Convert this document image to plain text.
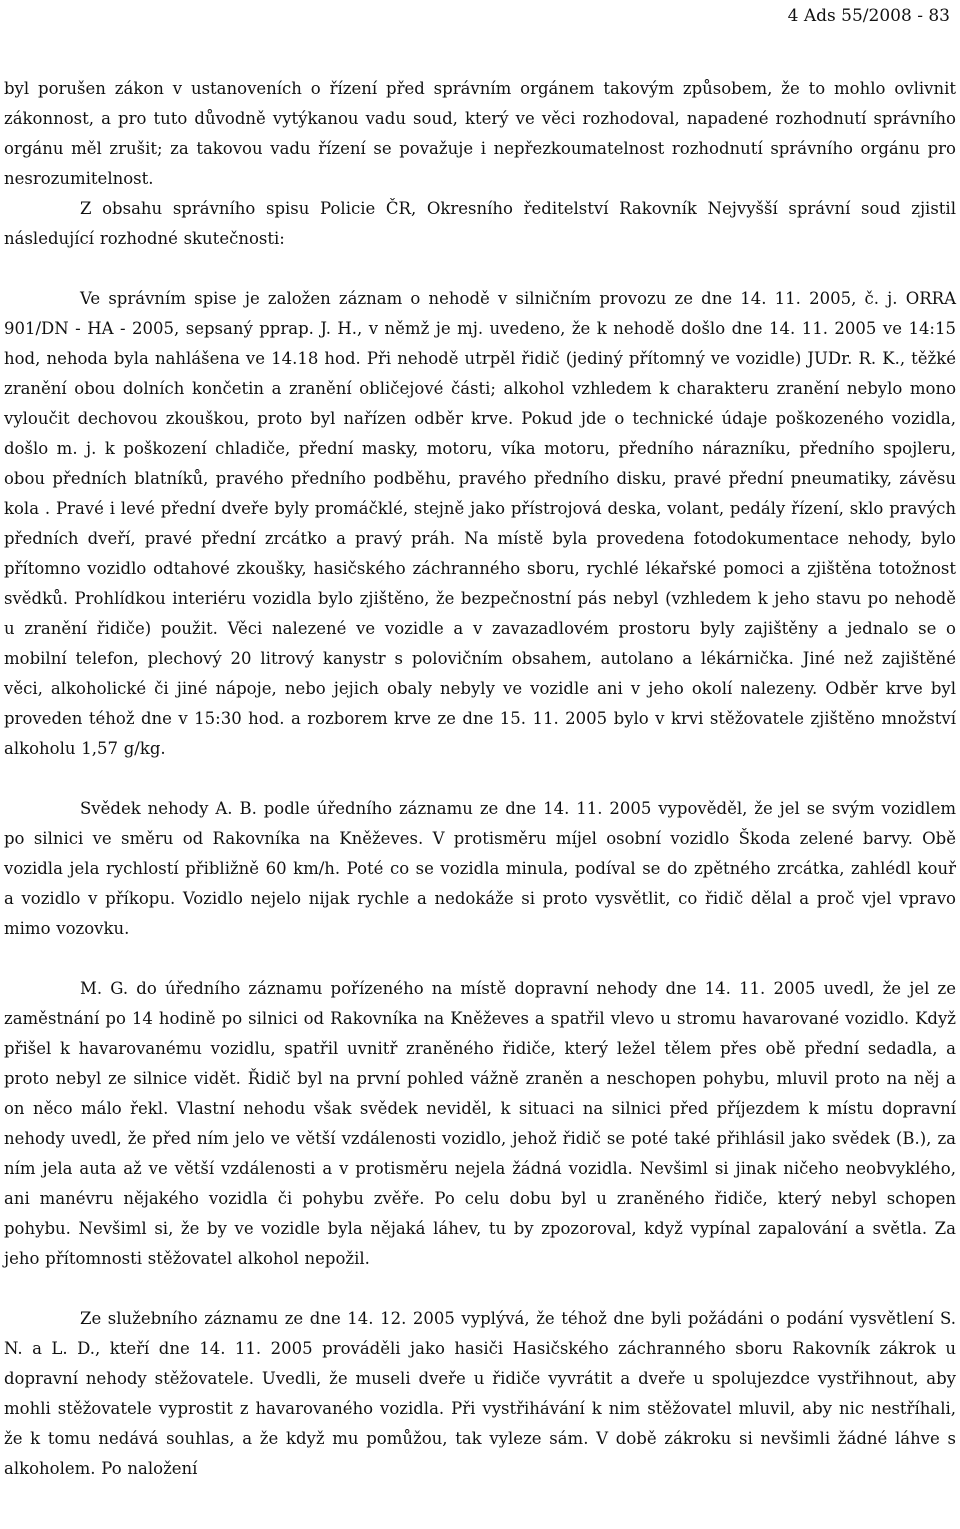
4 Ads 55/2008 - 83

byl porušen zákon v ustanoveních o řízení před správním orgánem takovým způsobem, že to mohlo ovlivnit zákonnost, a pro tuto důvodně vytýkanou vadu soud, který ve věci rozhodoval, napadené rozhodnutí správního orgánu měl zrušit; za takovou vadu řízení se považuje i nepřezkoumatelnost rozhodnutí správního orgánu pro nesrozumitelnost.

Z obsahu správního spisu Policie ČR, Okresního ředitelství Rakovník Nejvyšší správní soud zjistil následující rozhodné skutečnosti:

Ve správním spise je založen záznam o nehodě v silničním provozu ze dne 14. 11. 2005, č. j. ORRA 901/DN - HA - 2005, sepsaný pprap. J. H., v němž je mj. uvedeno, že k nehodě došlo dne 14. 11. 2005 ve 14:15 hod, nehoda byla nahlášena ve 14.18 hod. Při nehodě utrpěl řidič (jediný přítomný ve vozidle) JUDr. R. K., těžké zranění obou dolních končetin a zranění obličejové části; alkohol vzhledem k charakteru zranění nebylo mono vyloučit dechovou zkouškou, proto byl nařízen odběr krve. Pokud jde o technické údaje poškozeného vozidla, došlo m. j. k poškození chladiče, přední masky, motoru, víka motoru, předního nárazníku, předního spojleru, obou předních blatníků, pravého předního podběhu, pravého předního disku, pravé přední pneumatiky, závěsu kola . Pravé i levé přední dveře byly promáčklé, stejně jako přístrojová deska, volant, pedály řízení, sklo pravých předních dveří, pravé přední zrcátko a pravý práh. Na místě byla provedena fotodokumentace nehody, bylo přítomno vozidlo odtahové zkoušky, hasičského záchranného sboru, rychlé lékařské pomoci a zjištěna totožnost svědků. Prohlídkou interiéru vozidla bylo zjištěno, že bezpečnostní pás nebyl (vzhledem k jeho stavu po nehodě u zranění řidiče) použit. Věci nalezené ve vozidle a v zavazadlovém prostoru byly zajištěny a jednalo se o mobilní telefon, plechový 20 litrový kanystr s polovičním obsahem, autolano a lékárnička. Jiné než zajištěné věci, alkoholické či jiné nápoje, nebo jejich obaly nebyly ve vozidle ani v jeho okolí nalezeny. Odběr krve byl proveden téhož dne v 15:30 hod. a rozborem krve ze dne 15. 11. 2005 bylo v krvi stěžovatele zjištěno množství alkoholu 1,57 g/kg.

Svědek nehody A. B. podle úředního záznamu ze dne 14. 11. 2005 vypověděl, že jel se svým vozidlem po silnici ve směru od Rakovníka na Kněževes. V protisměru míjel osobní vozidlo Škoda zelené barvy. Obě vozidla jela rychlostí přibližně 60 km/h. Poté co se vozidla minula, podíval se do zpětného zrcátka, zahlédl kouř a vozidlo v příkopu. Vozidlo nejelo nijak rychle a nedokáže si proto vysvětlit, co řidič dělal a proč vjel vpravo mimo vozovku.

M. G. do úředního záznamu pořízeného na místě dopravní nehody dne 14. 11. 2005 uvedl, že jel ze zaměstnání po 14 hodině po silnici od Rakovníka na Kněževes a spatřil vlevo u stromu havarované vozidlo. Když přišel k havarovanému vozidlu, spatřil uvnitř zraněného řidiče, který ležel tělem přes obě přední sedadla, a proto nebyl ze silnice vidět. Řidič byl na první pohled vážně zraněn a neschopen pohybu, mluvil proto na něj a on něco málo řekl. Vlastní nehodu však svědek neviděl, k situaci na silnici před příjezdem k místu dopravní nehody uvedl, že před ním jelo ve větší vzdálenosti vozidlo, jehož řidič se poté také přihlásil jako svědek (B.), za ním jela auta až ve větší vzdálenosti a v protisměru nejela žádná vozidla. Nevšiml si jinak ničeho neobvyklého, ani manévru nějakého vozidla či pohybu zvěře. Po celu dobu byl u zraněného řidiče, který nebyl schopen pohybu. Nevšiml si, že by ve vozidle byla nějaká láhev, tu by zpozoroval, když vypínal zapalování a světla. Za jeho přítomnosti stěžovatel alkohol nepožil.

Ze služebního záznamu ze dne 14. 12. 2005 vyplývá, že téhož dne byli požádáni o podání vysvětlení S. N. a L. D., kteří dne 14. 11. 2005 prováděli jako hasiči Hasičského záchranného sboru Rakovník zákrok u dopravní nehody stěžovatele. Uvedli, že museli dveře u řidiče vyvrátit a dveře u spolujezdce vystřihnout, aby mohli stěžovatele vyprostit z havarovaného vozidla. Při vystřihávání k nim stěžovatel mluvil, aby nic nestříhali, že k tomu nedává souhlas, a že když mu pomůžou, tak vyleze sám. V době zákroku si nevšimli žádné láhve s alkoholem. Po naložení
